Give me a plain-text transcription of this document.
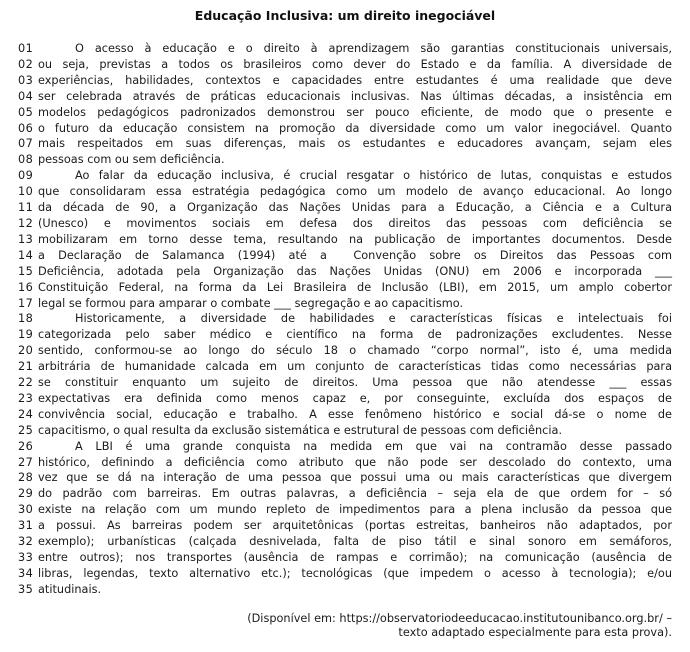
Educação Inclusiva: um direito inegociável
01	O acesso à educação e o direito à aprendizagem são garantias constitucionais universais,
02 ou seja, previstas a todos os brasileiros como dever do Estado e da família. A diversidade de
03 experiências, habilidades, contextos e capacidades entre estudantes é uma realidade que deve
04 ser celebrada através de práticas educacionais inclusivas. Nas últimas décadas, a insistência em
05 modelos pedagógicos padronizados demonstrou ser pouco eficiente, de modo que o presente e
06 o futuro da educação consistem na promoção da diversidade como um valor inegociável. Quanto
07 mais respeitados em suas diferenças, mais os estudantes e educadores avançam, sejam eles
08 pessoas com ou sem deficiência.
09	Ao falar da educação inclusiva, é crucial resgatar o histórico de lutas, conquistas e estudos
10 que consolidaram essa estratégia pedagógica como um modelo de avanço educacional. Ao longo
11 da década de 90, a Organização das Nações Unidas para a Educação, a Ciência e a Cultura
12 (Unesco) e movimentos sociais em defesa dos direitos das pessoas com deficiência se
13 mobilizaram em torno desse tema, resultando na publicação de importantes documentos. Desde
14 a Declaração de Salamanca (1994) até a  Convenção sobre os Direitos das Pessoas com
15 Deficiência, adotada pela Organização das Nações Unidas (ONU) em 2006 e incorporada ___
16 Constituição Federal, na forma da Lei Brasileira de Inclusão (LBI), em 2015, um amplo cobertor
17 legal se formou para amparar o combate ___ segregação e ao capacitismo.
18	Historicamente, a diversidade de habilidades e características físicas e intelectuais foi
19 categorizada pelo saber médico e científico na forma de padronizações excludentes. Nesse
20 sentido, conformou-se ao longo do século 18 o chamado “corpo normal”, isto é, uma medida
21 arbitrária de humanidade calcada em um conjunto de características tidas como necessárias para
22 se constituir enquanto um sujeito de direitos. Uma pessoa que não atendesse ___ essas
23 expectativas era definida como menos capaz e, por conseguinte, excluída dos espaços de
24 convivência social, educação e trabalho. A esse fenômeno histórico e social dá-se o nome de
25 capacitismo, o qual resulta da exclusão sistemática e estrutural de pessoas com deficiência.
26	A LBI é uma grande conquista na medida em que vai na contramão desse passado
27 histórico, definindo a deficiência como atributo que não pode ser descolado do contexto, uma
28 vez que se dá na interação de uma pessoa que possui uma ou mais características que divergem
29 do padrão com barreiras. Em outras palavras, a deficiência – seja ela de que ordem for – só
30 existe na relação com um mundo repleto de impedimentos para a plena inclusão da pessoa que
31 a possui. As barreiras podem ser arquitetônicas (portas estreitas, banheiros não adaptados, por
32 exemplo); urbanísticas (calçada desnivelada, falta de piso tátil e sinal sonoro em semáforos,
33 entre outros); nos transportes (ausência de rampas e corrimão); na comunicação (ausência de
34 libras, legendas, texto alternativo etc.); tecnológicas (que impedem o acesso à tecnologia); e/ou
35 atitudinais.
(Disponível em: https://observatoriodeeducacao.institutounibanco.org.br/ –
texto adaptado especialmente para esta prova).
